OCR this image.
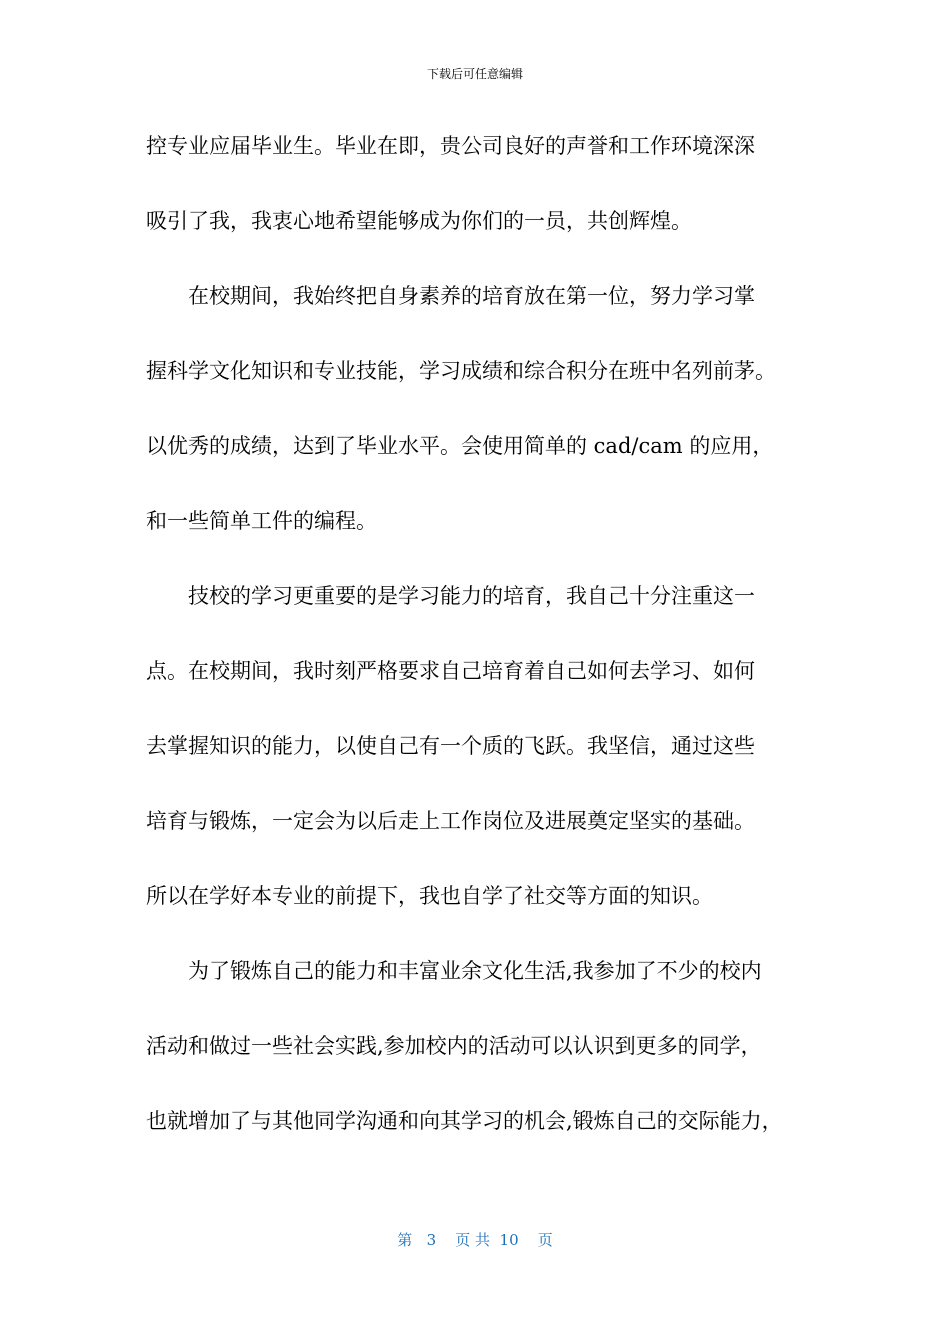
下载后可任意编辑
控专业应届毕业生。毕业在即，贵公司良好的声誉和工作环境深深
吸引了我，我衷心地希望能够成为你们的一员，共创辉煌。
　　在校期间，我始终把自身素养的培育放在第一位，努力学习掌
握科学文化知识和专业技能，学习成绩和综合积分在班中名列前茅。
以优秀的成绩，达到了毕业水平。会使用简单的 cad/cam 的应用，
和一些简单工件的编程。
　　技校的学习更重要的是学习能力的培育，我自己十分注重这一
点。在校期间，我时刻严格要求自己培育着自己如何去学习、如何
去掌握知识的能力，以使自己有一个质的飞跃。我坚信，通过这些
培育与锻炼，一定会为以后走上工作岗位及进展奠定坚实的基础。
所以在学好本专业的前提下，我也自学了社交等方面的知识。
　　为了锻炼自己的能力和丰富业余文化生活,我参加了不少的校内
活动和做过一些社会实践,参加校内的活动可以认识到更多的同学，
也就增加了与其他同学沟通和向其学习的机会,锻炼自己的交际能力，
第 3 页 共 10 页
